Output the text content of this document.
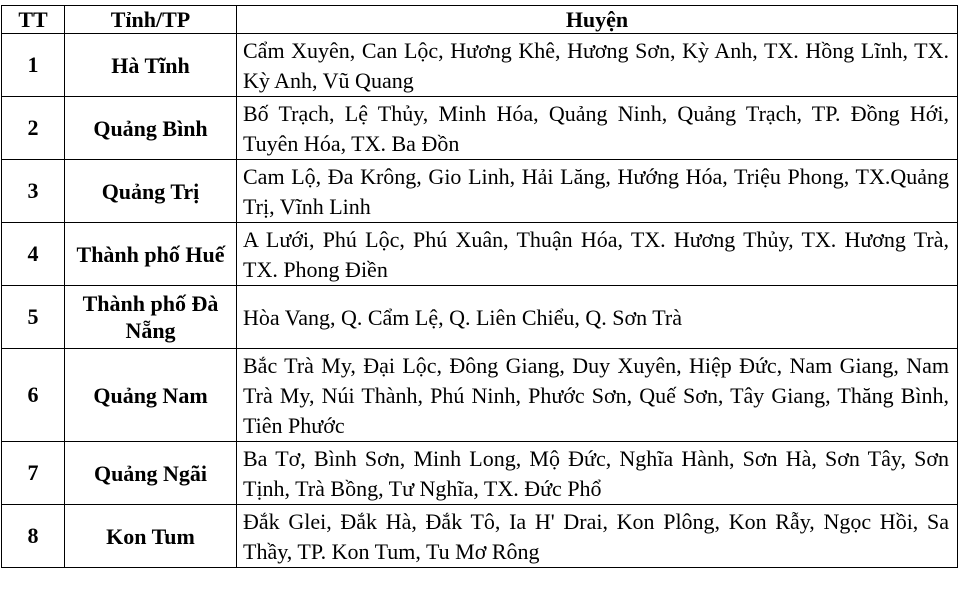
TT	Tỉnh/TP	Huyện
1	Hà Tĩnh	Cẩm Xuyên, Can Lộc, Hương Khê, Hương Sơn, Kỳ Anh, TX. Hồng Lĩnh, TX. Kỳ Anh, Vũ Quang
2	Quảng Bình	Bố Trạch, Lệ Thủy, Minh Hóa, Quảng Ninh, Quảng Trạch, TP. Đồng Hới, Tuyên Hóa, TX. Ba Đồn
3	Quảng Trị	Cam Lộ, Đa Krông, Gio Linh, Hải Lăng, Hướng Hóa, Triệu Phong, TX.Quảng Trị, Vĩnh Linh
4	Thành phố Huế	A Lưới, Phú Lộc, Phú Xuân, Thuận Hóa, TX. Hương Thủy, TX. Hương Trà, TX. Phong Điền
5	Thành phố Đà Nẵng	Hòa Vang, Q. Cẩm Lệ, Q. Liên Chiểu, Q. Sơn Trà
6	Quảng Nam	Bắc Trà My, Đại Lộc, Đông Giang, Duy Xuyên, Hiệp Đức, Nam Giang, Nam Trà My, Núi Thành, Phú Ninh, Phước Sơn, Quế Sơn, Tây Giang, Thăng Bình, Tiên Phước
7	Quảng Ngãi	Ba Tơ, Bình Sơn, Minh Long, Mộ Đức, Nghĩa Hành, Sơn Hà, Sơn Tây, Sơn Tịnh, Trà Bồng, Tư Nghĩa, TX. Đức Phổ
8	Kon Tum	Đắk Glei, Đắk Hà, Đắk Tô, Ia H' Drai, Kon Plông, Kon Rẫy, Ngọc Hồi, Sa Thầy, TP. Kon Tum, Tu Mơ Rông
